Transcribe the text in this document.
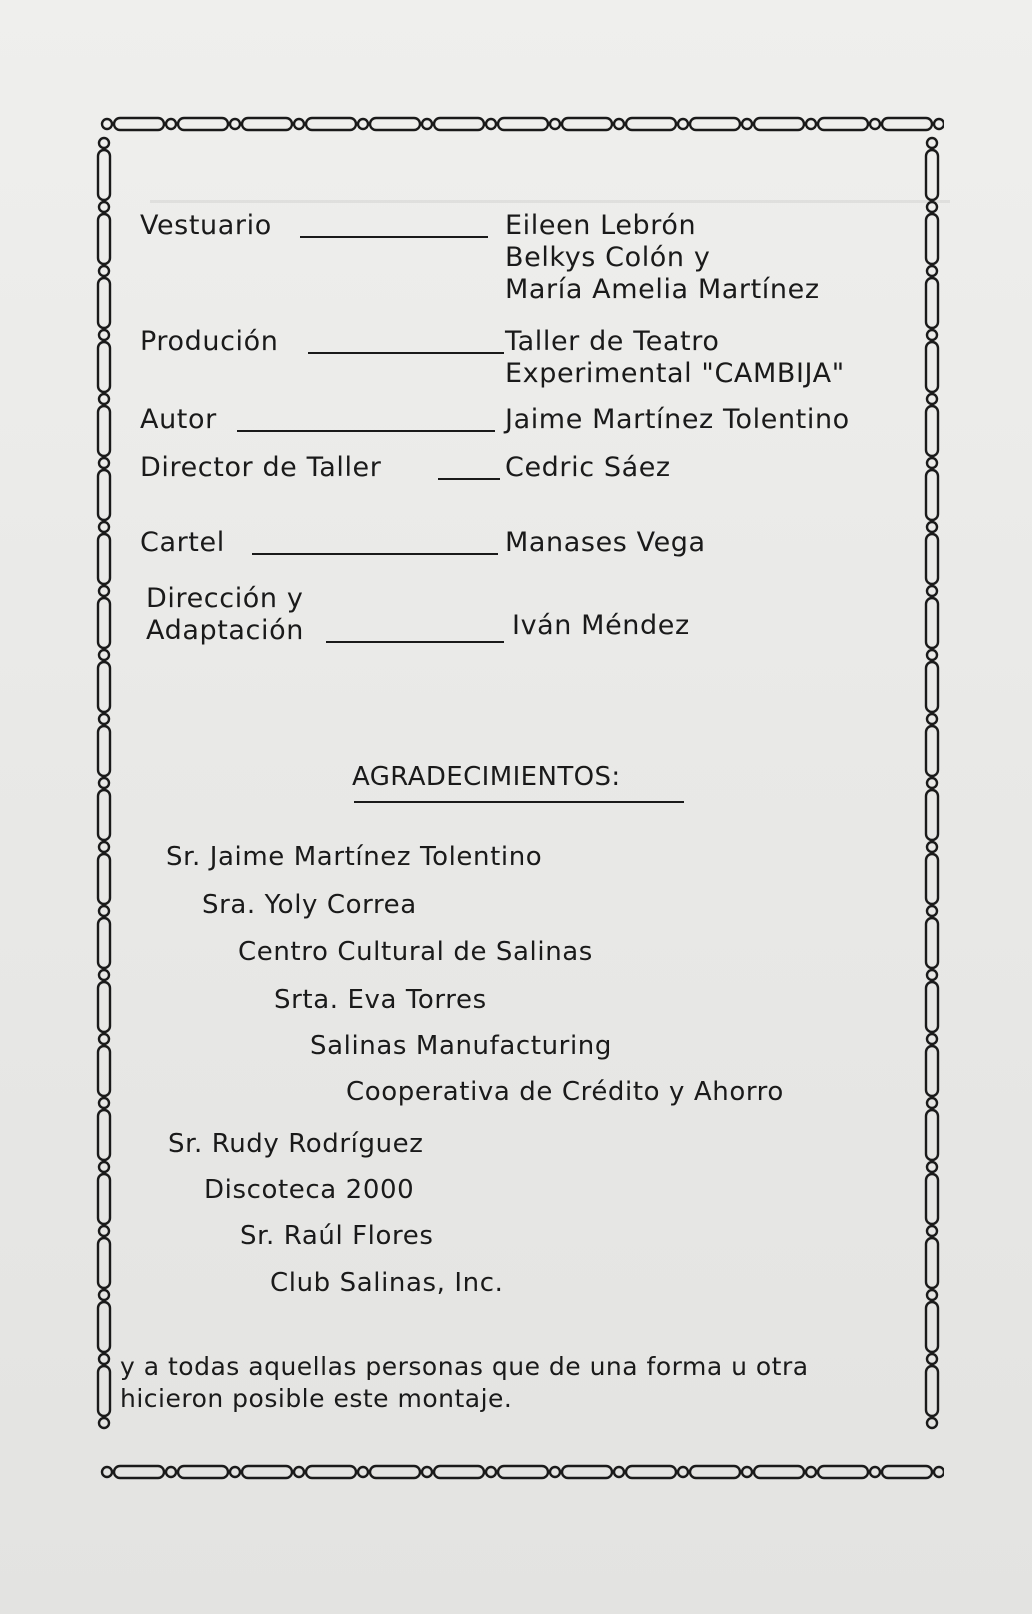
Vestuario	Eileen Lebrón
Belkys Colón y
María Amelia Martínez
Produción	Taller de Teatro
Experimental "CAMBIJA"
Autor	Jaime Martínez Tolentino
Director de Taller	Cedric Sáez
Cartel	Manases Vega
Dirección y
Adaptación	Iván Méndez
AGRADECIMIENTOS:
Sr. Jaime Martínez Tolentino
Sra. Yoly Correa
Centro Cultural de Salinas
Srta. Eva Torres
Salinas Manufacturing
Cooperativa de Crédito y Ahorro
Sr. Rudy Rodríguez
Discoteca 2000
Sr. Raúl Flores
Club Salinas, Inc.
y a todas aquellas personas que de una forma u otra
hicieron posible este montaje.
